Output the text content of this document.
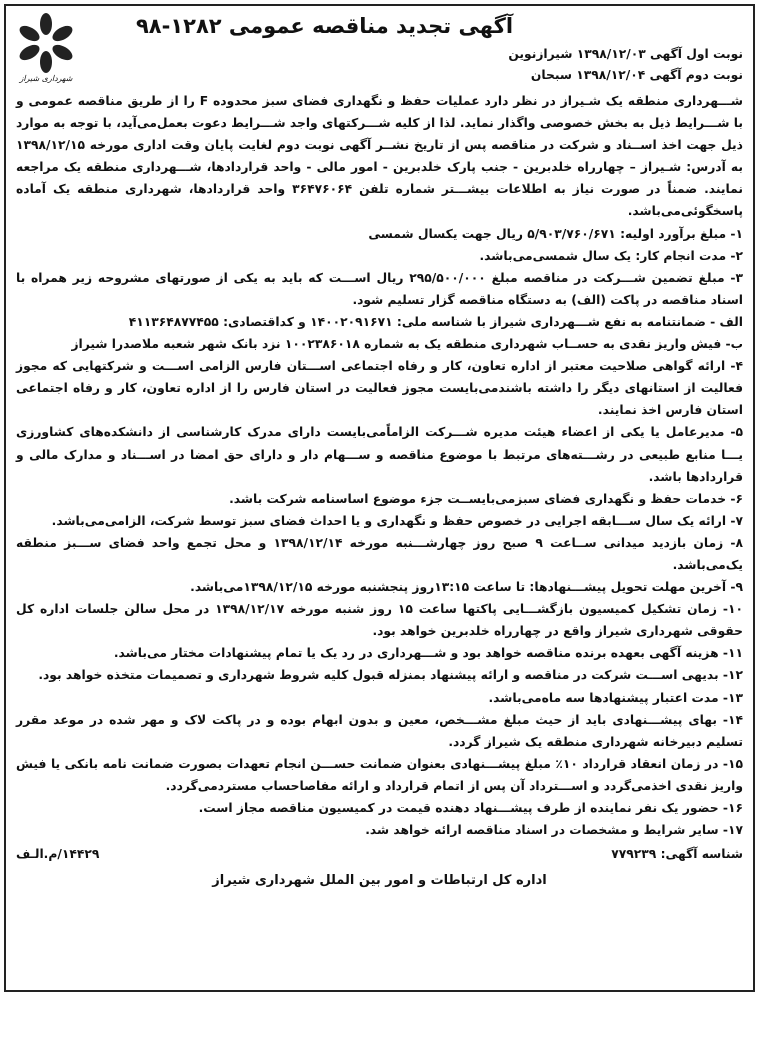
شهرداری شیراز
آگهی تجدید مناقصه عمومی ۱۲۸۲-۹۸
نوبت اول آگهی ۱۳۹۸/۱۲/۰۳ شیرازنوین
نوبت دوم آگهی ۱۳۹۸/۱۲/۰۴ سبحان
شـــهرداری منطقه یک شـیراز در نظر دارد عملیات حفظ و نگهداری فضای سبز محدوده F را از طریق مناقصه عمومی و با شـــرایط ذیل به بخش خصوصی واگذار نماید. لذا از کلیه شـــرکتهای واجد شـــرایط دعوت بعمل‌می‌آید، با توجه به موارد ذیل جهت اخذ اســناد و شرکت در مناقصه پس از تاریخ نشــر آگهی نوبت دوم لغایت پایان وقت اداری مورخه ۱۳۹۸/۱۲/۱۵ به آدرس: شـیراز – چهارراه خلدبرین - جنب پارک خلدبرین - امور مالی - واحد قراردادها، شـــهرداری منطقه یک مراجعه نمایند. ضمناً در صورت نیاز به اطلاعات بیشـــتر شماره تلفن ۳۶۴۷۶۰۶۴ واحد قراردادها، شهرداری منطقه یک آماده پاسخگوئی‌می‌باشد.
۱- مبلغ برآورد اولیه: ۵/۹۰۳/۷۶۰/۶۷۱ ریال جهت یکسال شمسی
۲- مدت انجام کار: یک سال شمسی‌می‌باشد.
۳- مبلغ تضمین شـــرکت در مناقصه مبلغ ۲۹۵/۵۰۰/۰۰۰ ریال اســـت که باید به یکی از صورتهای مشروحه زیر همراه با اسناد مناقصه در پاکت (الف) به دستگاه مناقصه گزار تسلیم شود.
الف - ضمانتنامه به نفع شـــهرداری شیراز با شناسه ملی: ۱۴۰۰۲۰۹۱۶۷۱ و کداقتصادی: ۴۱۱۳۶۴۸۷۷۴۵۵
ب- فیش واریز نقدی به حســاب شهرداری منطقه یک به شماره ۱۰۰۲۳۸۶۰۱۸ نزد بانک شهر شعبه ملاصدرا شیراز
۴- ارائه گواهی صلاحیت معتبر از اداره تعاون، کار و رفاه اجتماعی اســـتان فارس الزامی اســـت و شرکتهایی که مجوز فعالیت از استانهای دیگر را داشته باشندمی‌بایست مجوز فعالیت در استان فارس را از اداره تعاون، کار و رفاه اجتماعی استان فارس اخذ نمایند.
۵- مدیرعامل یا یکی از اعضاء هیئت مدیره شـــرکت الزاماًمی‌بایست دارای مدرک کارشناسی از دانشکده‌های کشاورزی یـــا منابع طبیعی در رشـــته‌های مرتبط با موضوع مناقصه و ســـهام دار و دارای حق امضا در اســـناد و مدارک مالی و قراردادها باشد.
۶- خدمات حفظ و نگهداری فضای سبزمی‌بایســت جزء موضوع اساسنامه شرکت باشد.
۷- ارائه یک سال ســـابقه اجرایی در خصوص حفظ و نگهداری و یا احداث فضای سبز توسط شرکت، الزامی‌می‌باشد.
۸- زمان بازدید میدانی ســاعت ۹ صبح روز چهارشـــنبه مورخه ۱۳۹۸/۱۲/۱۴ و محل تجمع واحد فضای ســـبز منطقه یک‌می‌باشد.
۹- آخرین مهلت تحویل پیشـــنهادها: تا ساعت ۱۳:۱۵روز پنجشنبه مورخه ۱۳۹۸/۱۲/۱۵می‌باشد.
۱۰- زمان تشکیل کمیسیون بازگشـــایی پاکتها ساعت ۱۵ روز شنبه مورخه ۱۳۹۸/۱۲/۱۷ در محل سالن جلسات اداره کل حقوقی شهرداری شیراز واقع در چهارراه خلدبرین خواهد بود.
۱۱- هزینه آگهی بعهده برنده مناقصه خواهد بود و شـــهرداری در رد یک یا تمام پیشنهادات مختار می‌باشد.
۱۲- بدیهی اســـت شرکت در مناقصه و ارائه پیشنهاد بمنزله قبول کلیه شروط شهرداری و تصمیمات متخذه خواهد بود.
۱۳- مدت اعتبار پیشنهادها سه ماه‌می‌باشد.
۱۴- بهای پیشـــنهادی باید از حیث مبلغ مشـــخص، معین و بدون ابهام بوده و در پاکت لاک و مهر شده در موعد مقرر تسلیم دبیرخانه شهرداری منطقه یک شیراز گردد.
۱۵- در زمان انعقاد قرارداد ۱۰٪ مبلغ پیشـــنهادی بعنوان ضمانت حســـن انجام تعهدات بصورت ضمانت نامه بانکی یا فیش واریز نقدی اخذمی‌گردد و اســـترداد آن پس از اتمام قرارداد و ارائه مفاصاحساب مستردمی‌گردد.
۱۶- حضور یک نفر نماینده از طرف پیشـــنهاد دهنده قیمت در کمیسیون مناقصه مجاز است.
۱۷- سایر شرایط و مشخصات در اسناد مناقصه ارائه خواهد شد.
شناسه آگهی: ۷۷۹۲۳۹
۱۴۴۲۹/م.الـف
اداره کل ارتباطات و امور بین الملل شهرداری شیراز
